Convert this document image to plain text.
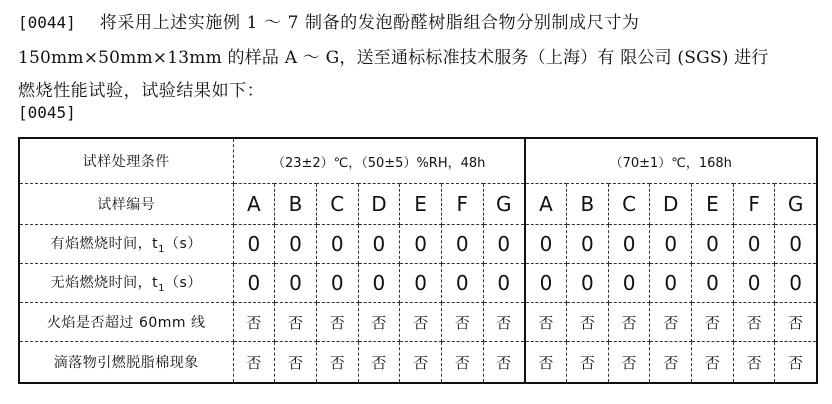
[0044] 将采用上述实施例 1 ～ 7 制备的发泡酚醛树脂组合物分别制成尺寸为
150mm×50mm×13mm 的样品 A ～ G，送至通标标准技术服务（上海）有 限公司 (SGS) 进行
燃烧性能试验，试验结果如下：
[0045]
试样处理条件	（23±2）℃，（50±5）%RH，48h							（70±1）℃，168h						
试样编号	A	B	C	D	E	F	G	A	B	C	D	E	F	G
有焰燃烧时间，$t_1(s)$	0	0	0	0	0	0	0	0	0	0	0	0	0	0
无焰燃烧时间，$t_1(s)$	0	0	0	0	0	0	0	0	0	0	0	0	0	0
火焰是否超过 60mm 线	否	否	否	否	否	否	否	否	否	否	否	否	否	否
滴落物引燃脱脂棉现象	否	否	否	否	否	否	否	否	否	否	否	否	否	否
